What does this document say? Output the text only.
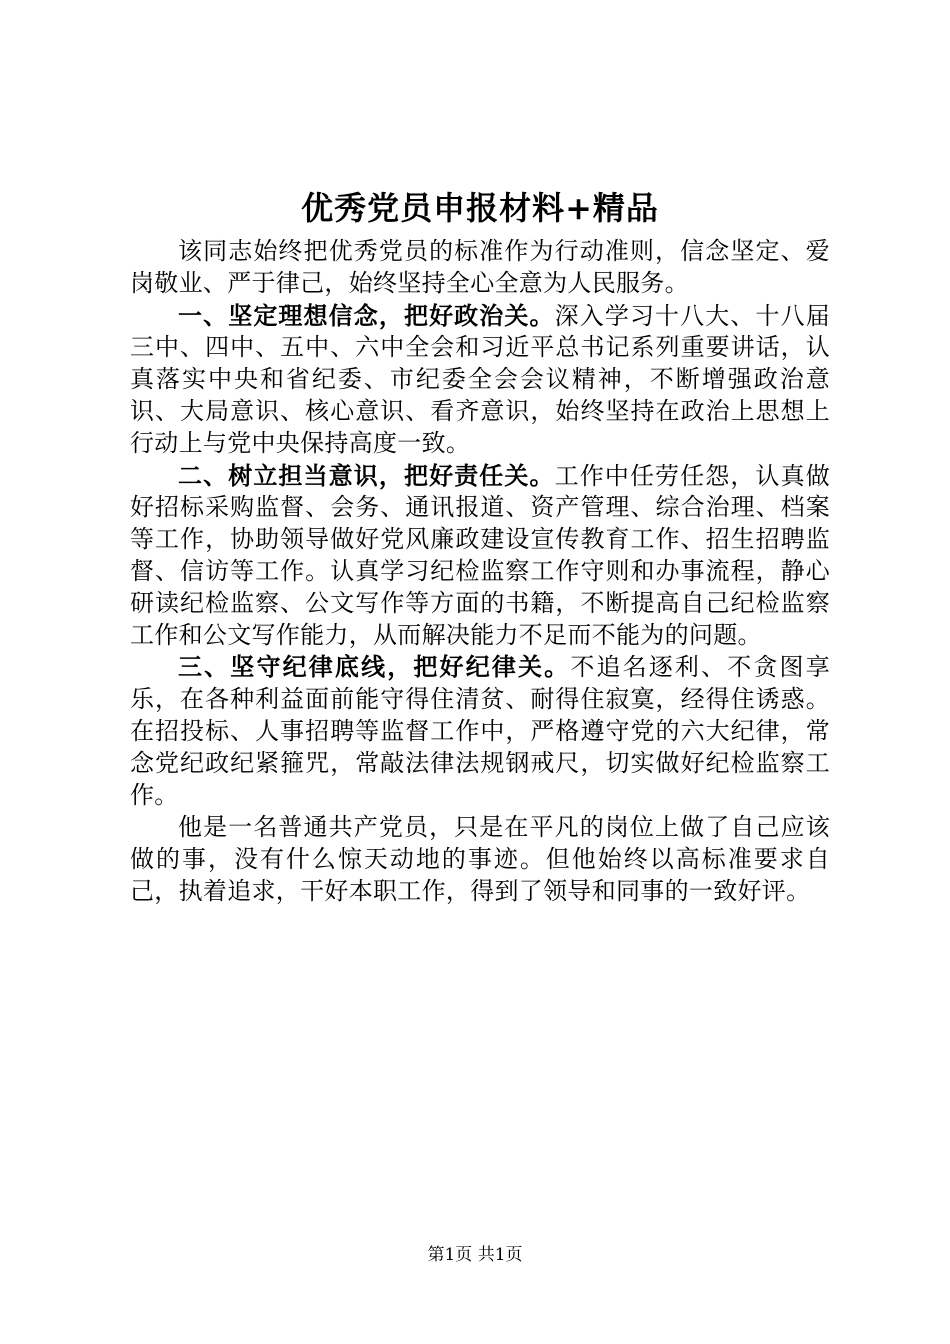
优秀党员申报材料+精品

该同志始终把优秀党员的标准作为行动准则，信念坚定、爱岗敬业、严于律己，始终坚持全心全意为人民服务。

一、坚定理想信念，把好政治关。深入学习十八大、十八届三中、四中、五中、六中全会和习近平总书记系列重要讲话，认真落实中央和省纪委、市纪委全会会议精神，不断增强政治意识、大局意识、核心意识、看齐意识，始终坚持在政治上思想上行动上与党中央保持高度一致。

二、树立担当意识，把好责任关。工作中任劳任怨，认真做好招标采购监督、会务、通讯报道、资产管理、综合治理、档案等工作，协助领导做好党风廉政建设宣传教育工作、招生招聘监督、信访等工作。认真学习纪检监察工作守则和办事流程，静心研读纪检监察、公文写作等方面的书籍，不断提高自己纪检监察工作和公文写作能力，从而解决能力不足而不能为的问题。

三、坚守纪律底线，把好纪律关。不追名逐利、不贪图享乐，在各种利益面前能守得住清贫、耐得住寂寞，经得住诱惑。在招投标、人事招聘等监督工作中，严格遵守党的六大纪律，常念党纪政纪紧箍咒，常敲法律法规钢戒尺，切实做好纪检监察工作。

他是一名普通共产党员，只是在平凡的岗位上做了自己应该做的事，没有什么惊天动地的事迹。但他始终以高标准要求自己，执着追求，干好本职工作，得到了领导和同事的一致好评。

第1页 共1页
